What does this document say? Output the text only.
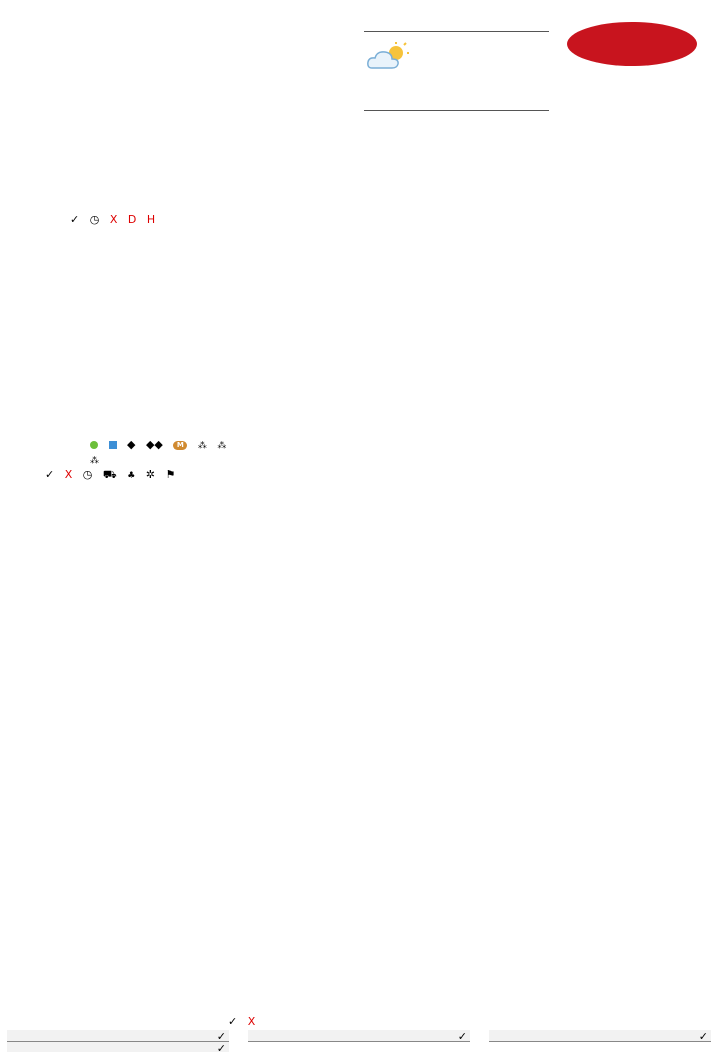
✓ ◷ X D H
◆ ◆◆ M ⁂ ⁂
⁂
✓ X ◷ ⛟ ♣ ✲ ⚑
✓ X
✓	✓	✓
✓
